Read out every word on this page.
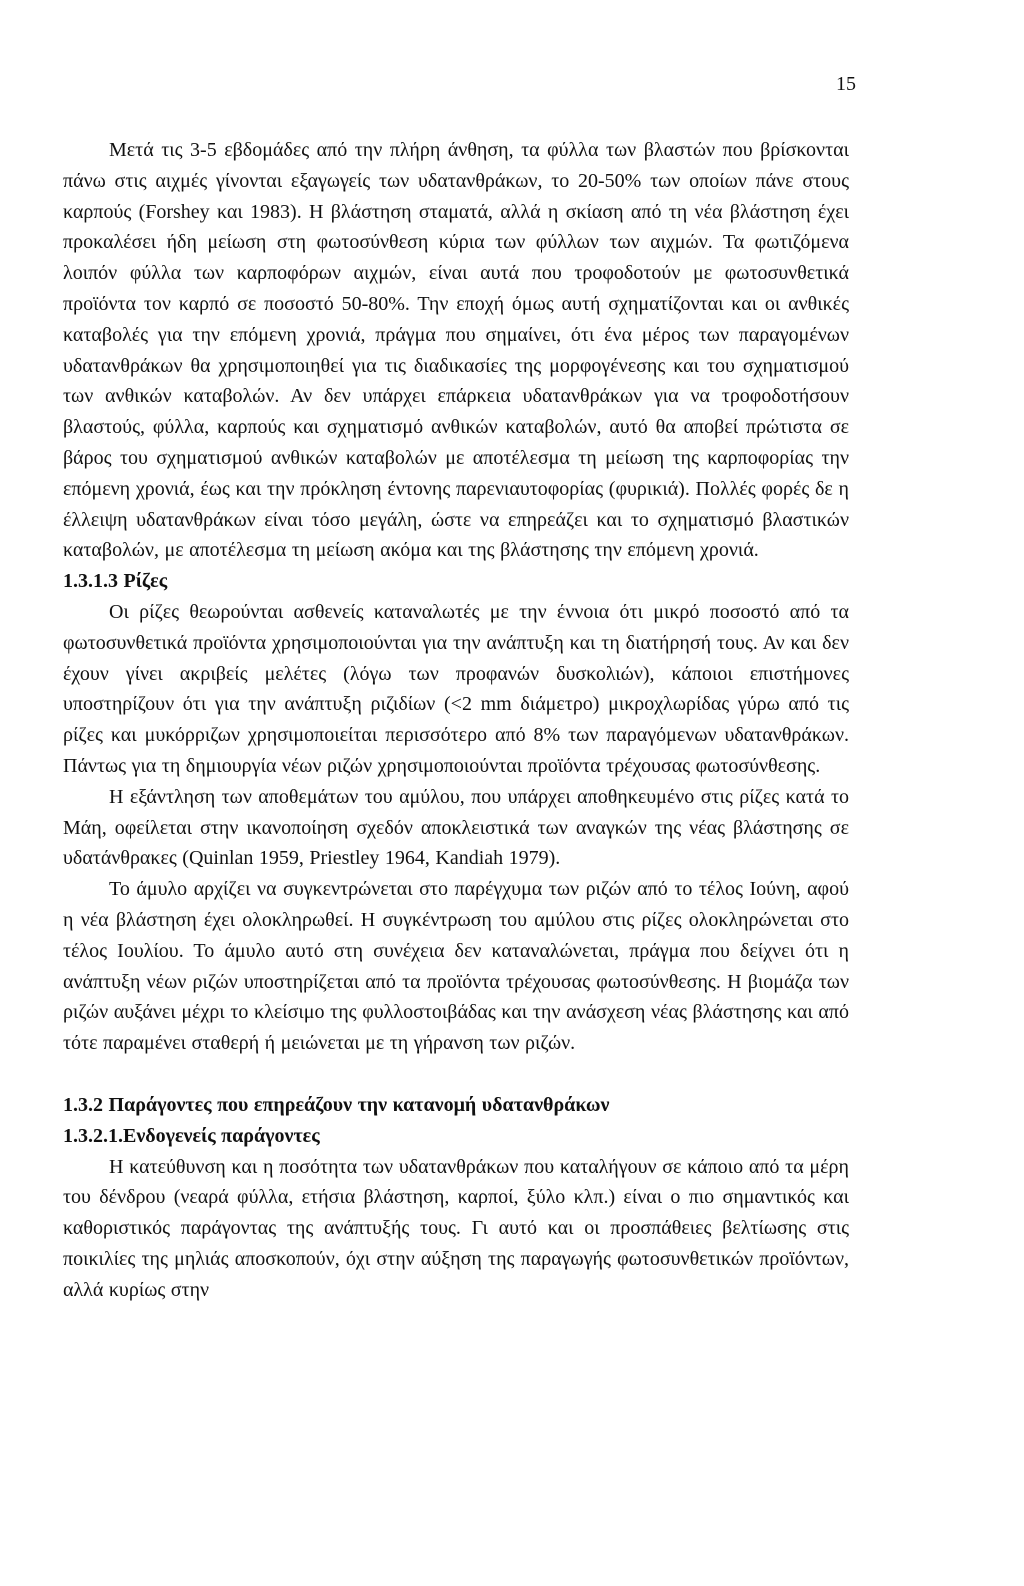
15

Μετά τις 3-5 εβδομάδες από την πλήρη άνθηση, τα φύλλα των βλαστών που βρίσκονται πάνω στις αιχμές γίνονται εξαγωγείς των υδατανθράκων, το 20-50% των οποίων πάνε στους καρπούς (Forshey και 1983). Η βλάστηση σταματά, αλλά η σκίαση από τη νέα βλάστηση έχει προκαλέσει ήδη μείωση στη φωτοσύνθεση κύρια των φύλλων των αιχμών. Τα φωτιζόμενα λοιπόν φύλλα των καρποφόρων αιχμών, είναι αυτά που τροφοδοτούν με φωτοσυνθετικά προϊόντα τον καρπό σε ποσοστό 50-80%. Την εποχή όμως αυτή σχηματίζονται και οι ανθικές καταβολές για την επόμενη χρονιά, πράγμα που σημαίνει, ότι ένα μέρος των παραγομένων υδατανθράκων θα χρησιμοποιηθεί για τις διαδικασίες της μορφογένεσης και του σχηματισμού των ανθικών καταβολών. Αν δεν υπάρχει επάρκεια υδατανθράκων για να τροφοδοτήσουν βλαστούς, φύλλα, καρπούς και σχηματισμό ανθικών καταβολών, αυτό θα αποβεί πρώτιστα σε βάρος του σχηματισμού ανθικών καταβολών με αποτέλεσμα τη μείωση της καρποφορίας την επόμενη χρονιά, έως και την πρόκληση έντονης παρενιαυτοφορίας (φυρικιά). Πολλές φορές δε η έλλειψη υδατανθράκων είναι τόσο μεγάλη, ώστε να επηρεάζει και το σχηματισμό βλαστικών καταβολών, με αποτέλεσμα τη μείωση ακόμα και της βλάστησης την επόμενη χρονιά.

1.3.1.3 Ρίζες

Οι ρίζες θεωρούνται ασθενείς καταναλωτές με την έννοια ότι μικρό ποσοστό από τα φωτοσυνθετικά προϊόντα χρησιμοποιούνται για την ανάπτυξη και τη διατήρησή τους. Αν και δεν έχουν γίνει ακριβείς μελέτες (λόγω των προφανών δυσκολιών), κάποιοι επιστήμονες υποστηρίζουν ότι για την ανάπτυξη ριζιδίων (<2 mm διάμετρο) μικροχλωρίδας γύρω από τις ρίζες και μυκόρριζων χρησιμοποιείται περισσότερο από 8% των παραγόμενων υδατανθράκων. Πάντως για τη δημιουργία νέων ριζών χρησιμοποιούνται προϊόντα τρέχουσας φωτοσύνθεσης.

Η εξάντληση των αποθεμάτων του αμύλου, που υπάρχει αποθηκευμένο στις ρίζες κατά το Μάη, οφείλεται στην ικανοποίηση σχεδόν αποκλειστικά των αναγκών της νέας βλάστησης σε υδατάνθρακες (Quinlan 1959, Priestley 1964, Kandiah 1979).

Το άμυλο αρχίζει να συγκεντρώνεται στο παρέγχυμα των ριζών από το τέλος Ιούνη, αφού η νέα βλάστηση έχει ολοκληρωθεί. Η συγκέντρωση του αμύλου στις ρίζες ολοκληρώνεται στο τέλος Ιουλίου. Το άμυλο αυτό στη συνέχεια δεν καταναλώνεται, πράγμα που δείχνει ότι η ανάπτυξη νέων ριζών υποστηρίζεται από τα προϊόντα τρέχουσας φωτοσύνθεσης. Η βιομάζα των ριζών αυξάνει μέχρι το κλείσιμο της φυλλοστοιβάδας και την ανάσχεση νέας βλάστησης και από τότε παραμένει σταθερή ή μειώνεται με τη γήρανση των ριζών.

1.3.2 Παράγοντες που επηρεάζουν την κατανομή υδατανθράκων

1.3.2.1.Ενδογενείς παράγοντες

Η κατεύθυνση και η ποσότητα των υδατανθράκων που καταλήγουν σε κάποιο από τα μέρη του δένδρου (νεαρά φύλλα, ετήσια βλάστηση, καρποί, ξύλο κλπ.) είναι ο πιο σημαντικός και καθοριστικός παράγοντας της ανάπτυξής τους. Γι αυτό και οι προσπάθειες βελτίωσης στις ποικιλίες της μηλιάς αποσκοπούν, όχι στην αύξηση της παραγωγής φωτοσυνθετικών προϊόντων, αλλά κυρίως στην
